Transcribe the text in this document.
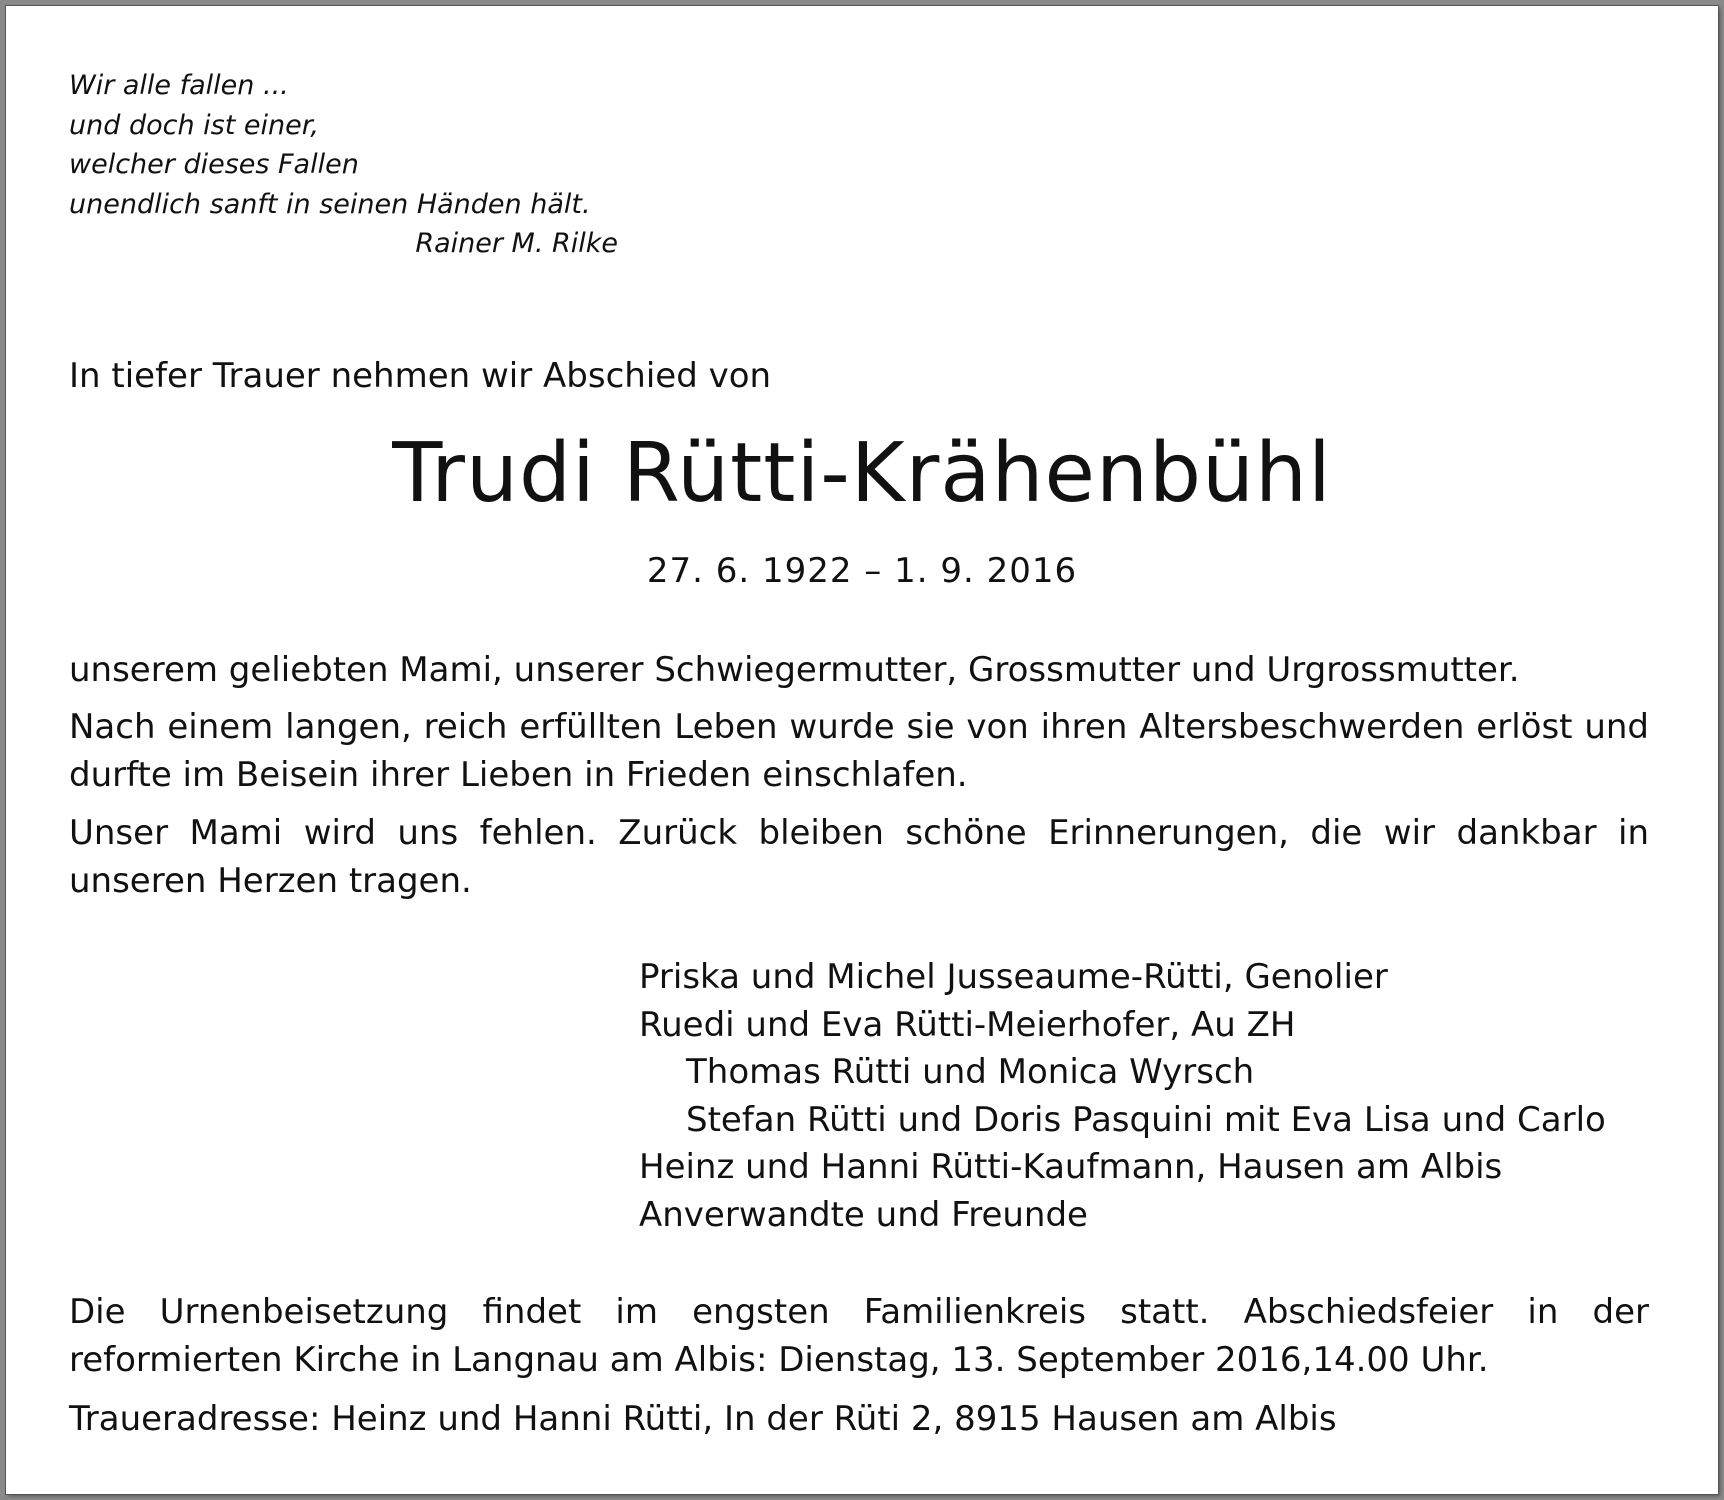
Wir alle fallen ...
und doch ist einer,
welcher dieses Fallen
unendlich sanft in seinen Händen hält.
Rainer M. Rilke
In tiefer Trauer nehmen wir Abschied von
Trudi Rütti-Krähenbühl
27. 6. 1922 – 1. 9. 2016
unserem geliebten Mami, unserer Schwiegermutter, Grossmutter und Urgrossmutter.
Nach einem langen, reich erfüllten Leben wurde sie von ihren Altersbeschwerden erlöst und durfte im Beisein ihrer Lieben in Frieden einschlafen.
Unser Mami wird uns fehlen. Zurück bleiben schöne Erinnerungen, die wir dankbar in unseren Herzen tragen.
Priska und Michel Jusseaume-Rütti, Genolier
Ruedi und Eva Rütti-Meierhofer, Au ZH
Thomas Rütti und Monica Wyrsch
Stefan Rütti und Doris Pasquini mit Eva Lisa und Carlo
Heinz und Hanni Rütti-Kaufmann, Hausen am Albis
Anverwandte und Freunde
Die Urnenbeisetzung findet im engsten Familienkreis statt. Abschiedsfeier in der reformierten Kirche in Langnau am Albis: Dienstag, 13. September 2016,14.00 Uhr.
Traueradresse: Heinz und Hanni Rütti, In der Rüti 2, 8915 Hausen am Albis
